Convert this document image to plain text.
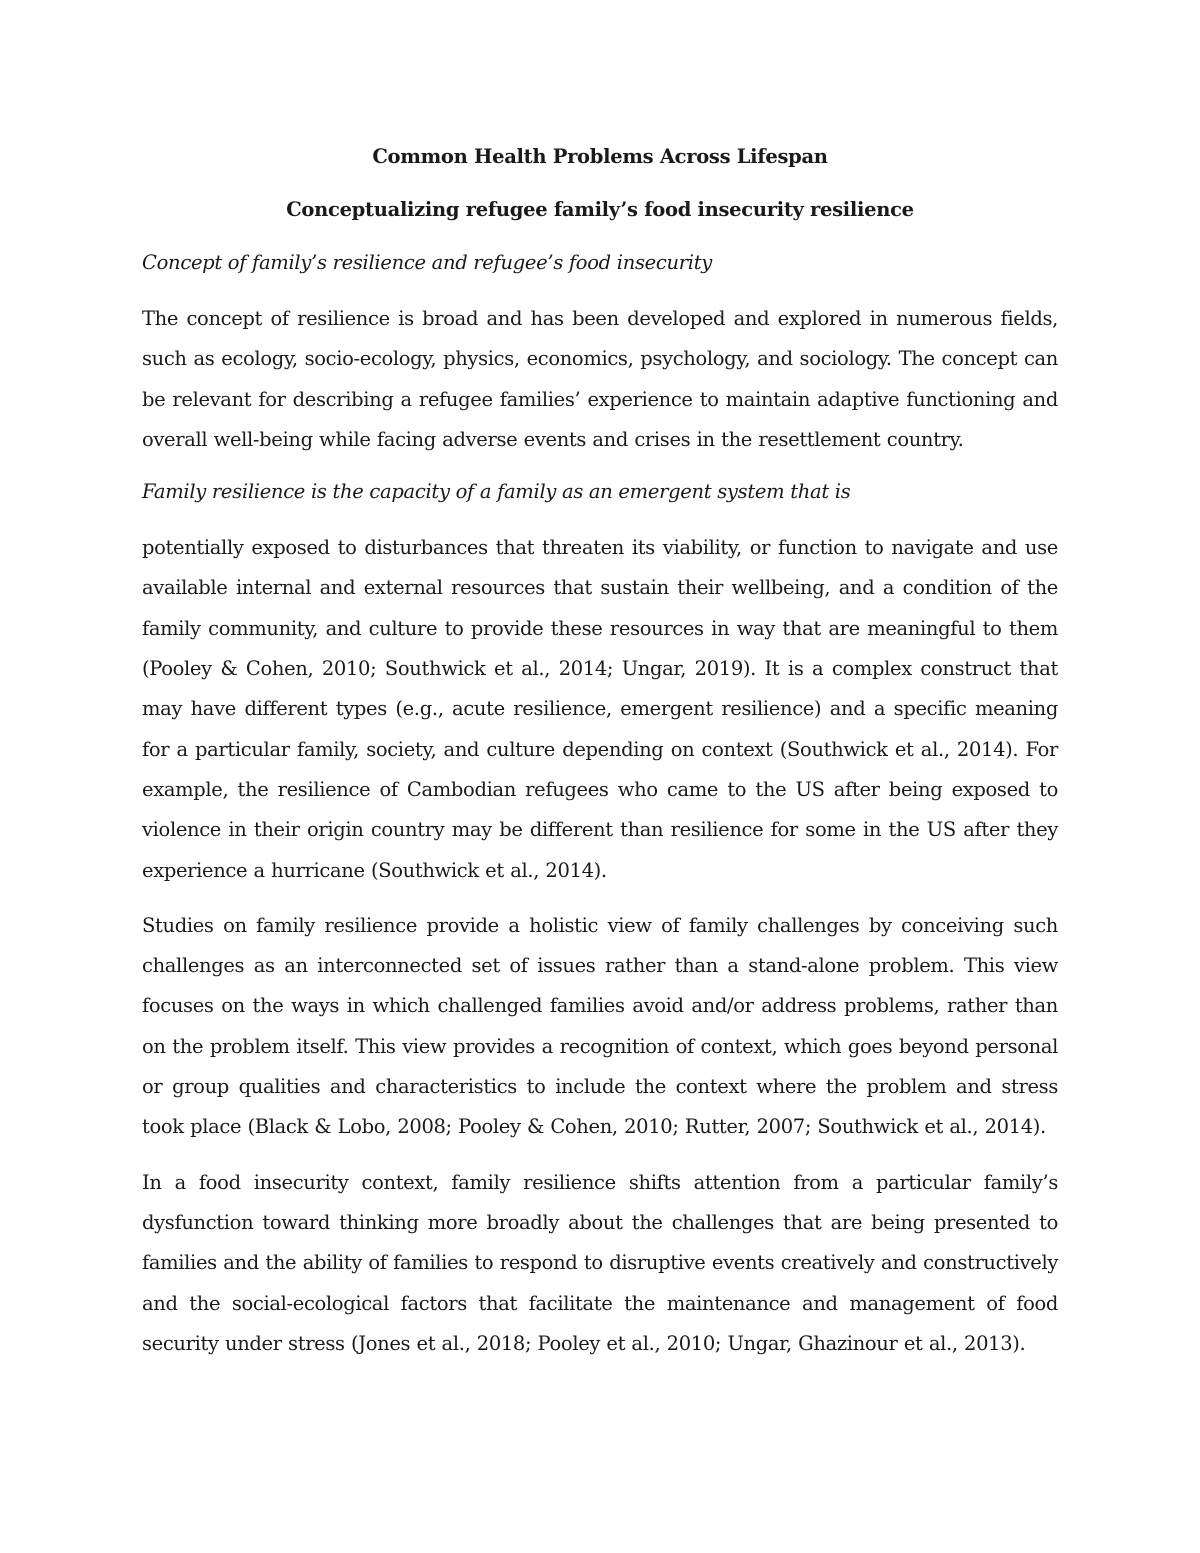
Common Health Problems Across Lifespan

Conceptualizing refugee family’s food insecurity resilience

Concept of family’s resilience and refugee’s food insecurity

The concept of resilience is broad and has been developed and explored in numerous fields, such as ecology, socio-ecology, physics, economics, psychology, and sociology. The concept can be relevant for describing a refugee families’ experience to maintain adaptive functioning and overall well-being while facing adverse events and crises in the resettlement country.

Family resilience is the capacity of a family as an emergent system that is

potentially exposed to disturbances that threaten its viability, or function to navigate and use available internal and external resources that sustain their wellbeing, and a condition of the family community, and culture to provide these resources in way that are meaningful to them (Pooley & Cohen, 2010; Southwick et al., 2014; Ungar, 2019). It is a complex construct that may have different types (e.g., acute resilience, emergent resilience) and a specific meaning for a particular family, society, and culture depending on context (Southwick et al., 2014). For example, the resilience of Cambodian refugees who came to the US after being exposed to violence in their origin country may be different than resilience for some in the US after they experience a hurricane (Southwick et al., 2014).

Studies on family resilience provide a holistic view of family challenges by conceiving such challenges as an interconnected set of issues rather than a stand-alone problem. This view focuses on the ways in which challenged families avoid and/or address problems, rather than on the problem itself. This view provides a recognition of context, which goes beyond personal or group qualities and characteristics to include the context where the problem and stress took place (Black & Lobo, 2008; Pooley & Cohen, 2010; Rutter, 2007; Southwick et al., 2014).

In a food insecurity context, family resilience shifts attention from a particular family’s dysfunction toward thinking more broadly about the challenges that are being presented to families and the ability of families to respond to disruptive events creatively and constructively and the social-ecological factors that facilitate the maintenance and management of food security under stress (Jones et al., 2018; Pooley et al., 2010; Ungar, Ghazinour et al., 2013).
